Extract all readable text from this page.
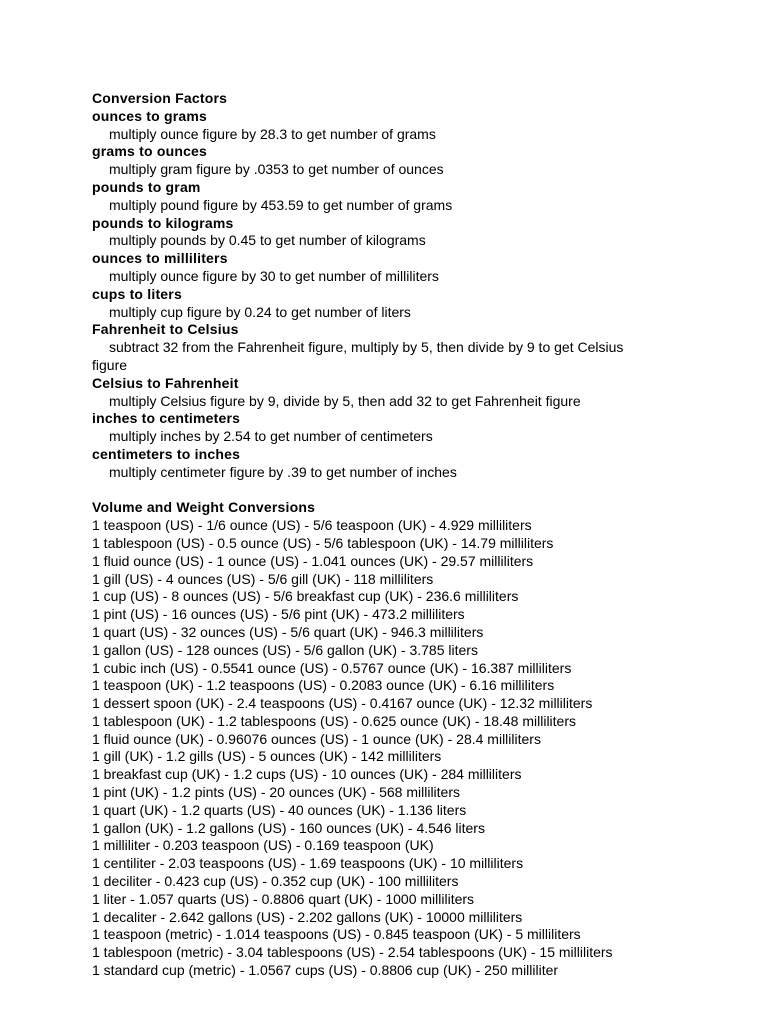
Conversion Factors
ounces to grams
multiply ounce figure by 28.3 to get number of grams
grams to ounces
multiply gram figure by .0353 to get number of ounces
pounds to gram
multiply pound figure by 453.59 to get number of grams
pounds to kilograms
multiply pounds by 0.45 to get number of kilograms
ounces to milliliters
multiply ounce figure by 30 to get number of milliliters
cups to liters
multiply cup figure by 0.24 to get number of liters
Fahrenheit to Celsius
subtract 32 from the Fahrenheit figure, multiply by 5, then divide by 9 to get Celsius figure
Celsius to Fahrenheit
multiply Celsius figure by 9, divide by 5, then add 32 to get Fahrenheit figure
inches to centimeters
multiply inches by 2.54 to get number of centimeters
centimeters to inches
multiply centimeter figure by .39 to get number of inches
Volume and Weight Conversions
1 teaspoon (US) - 1/6 ounce (US) - 5/6 teaspoon (UK) - 4.929 milliliters
1 tablespoon (US) - 0.5 ounce (US) - 5/6 tablespoon (UK) - 14.79 milliliters
1 fluid ounce (US) - 1 ounce (US) - 1.041 ounces (UK) - 29.57 milliliters
1 gill (US) - 4 ounces (US) - 5/6 gill (UK) - 118 milliliters
1 cup (US) - 8 ounces (US) - 5/6 breakfast cup (UK) - 236.6 milliliters
1 pint (US) - 16 ounces (US) - 5/6 pint (UK) - 473.2 milliliters
1 quart (US) - 32 ounces (US) - 5/6 quart (UK) - 946.3 milliliters
1 gallon (US) - 128 ounces (US) - 5/6 gallon (UK) - 3.785 liters
1 cubic inch (US) - 0.5541 ounce (US) - 0.5767 ounce (UK) - 16.387 milliliters
1 teaspoon (UK) - 1.2 teaspoons (US) - 0.2083 ounce (UK) - 6.16 milliliters
1 dessert spoon (UK) - 2.4 teaspoons (US) - 0.4167 ounce (UK) - 12.32 milliliters
1 tablespoon (UK) - 1.2 tablespoons (US) - 0.625 ounce (UK) - 18.48 milliliters
1 fluid ounce (UK) - 0.96076 ounces (US) - 1 ounce (UK) - 28.4 milliliters
1 gill (UK) - 1.2 gills (US) - 5 ounces (UK) - 142 milliliters
1 breakfast cup (UK) - 1.2 cups (US) - 10 ounces (UK) - 284 milliliters
1 pint (UK) - 1.2 pints (US) - 20 ounces (UK) - 568 milliliters
1 quart (UK) - 1.2 quarts (US) - 40 ounces (UK) - 1.136 liters
1 gallon (UK) - 1.2 gallons (US) - 160 ounces (UK) - 4.546 liters
1 milliliter - 0.203 teaspoon (US) - 0.169 teaspoon (UK)
1 centiliter - 2.03 teaspoons (US) - 1.69 teaspoons (UK) - 10 milliliters
1 deciliter - 0.423 cup (US) - 0.352 cup (UK) - 100 milliliters
1 liter - 1.057 quarts (US) - 0.8806 quart (UK) - 1000 milliliters
1 decaliter - 2.642 gallons (US) - 2.202 gallons (UK) - 10000 milliliters
1 teaspoon (metric) - 1.014 teaspoons (US) - 0.845 teaspoon (UK) - 5 milliliters
1 tablespoon (metric) - 3.04 tablespoons (US) - 2.54 tablespoons (UK) - 15 milliliters
1 standard cup (metric) - 1.0567 cups (US) - 0.8806 cup (UK) - 250 milliliter
